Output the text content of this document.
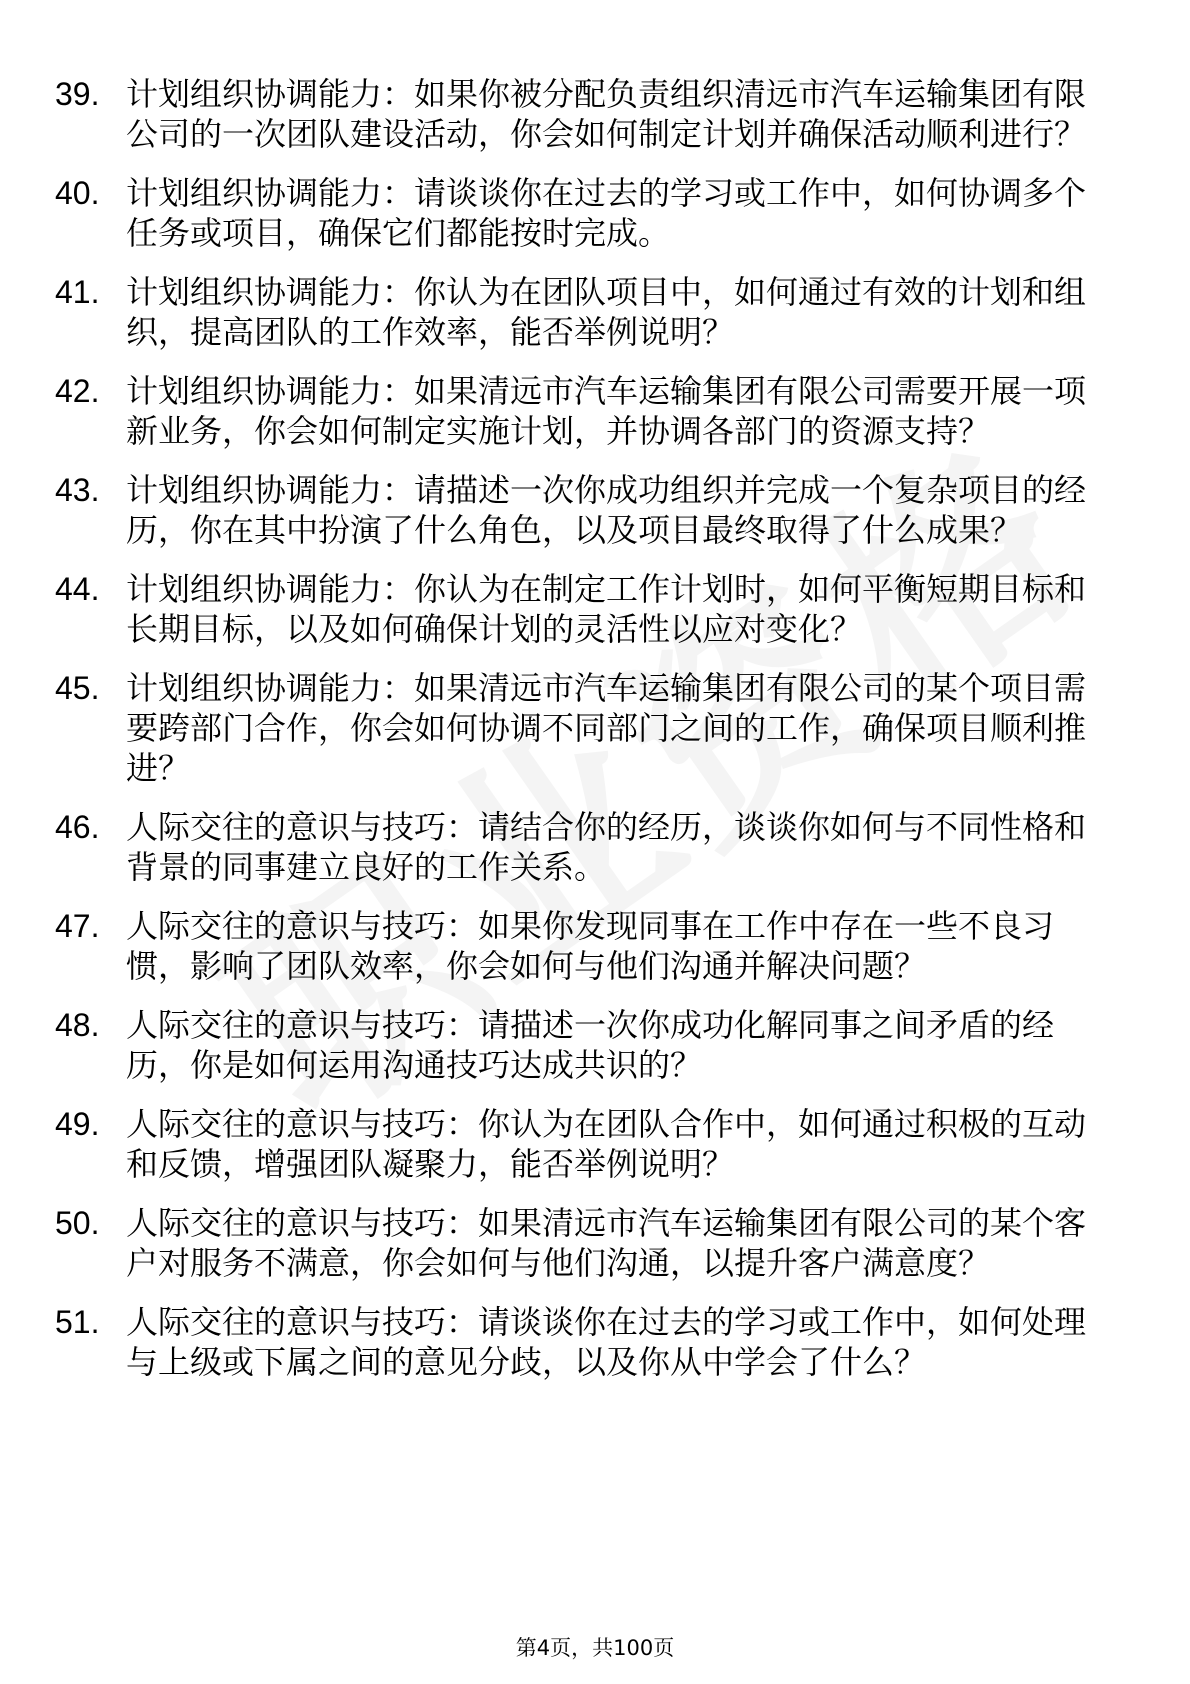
39. 计划组织协调能力：如果你被分配负责组织清远市汽车运输集团有限公司的一次团队建设活动，你会如何制定计划并确保活动顺利进行？
40. 计划组织协调能力：请谈谈你在过去的学习或工作中，如何协调多个任务或项目，确保它们都能按时完成。
41. 计划组织协调能力：你认为在团队项目中，如何通过有效的计划和组织，提高团队的工作效率，能否举例说明？
42. 计划组织协调能力：如果清远市汽车运输集团有限公司需要开展一项新业务，你会如何制定实施计划，并协调各部门的资源支持？
43. 计划组织协调能力：请描述一次你成功组织并完成一个复杂项目的经历，你在其中扮演了什么角色，以及项目最终取得了什么成果？
44. 计划组织协调能力：你认为在制定工作计划时，如何平衡短期目标和长期目标，以及如何确保计划的灵活性以应对变化？
45. 计划组织协调能力：如果清远市汽车运输集团有限公司的某个项目需要跨部门合作，你会如何协调不同部门之间的工作，确保项目顺利推进？
46. 人际交往的意识与技巧：请结合你的经历，谈谈你如何与不同性格和背景的同事建立良好的工作关系。
47. 人际交往的意识与技巧：如果你发现同事在工作中存在一些不良习惯，影响了团队效率，你会如何与他们沟通并解决问题？
48. 人际交往的意识与技巧：请描述一次你成功化解同事之间矛盾的经历，你是如何运用沟通技巧达成共识的？
49. 人际交往的意识与技巧：你认为在团队合作中，如何通过积极的互动和反馈，增强团队凝聚力，能否举例说明？
50. 人际交往的意识与技巧：如果清远市汽车运输集团有限公司的某个客户对服务不满意，你会如何与他们沟通，以提升客户满意度？
51. 人际交往的意识与技巧：请谈谈你在过去的学习或工作中，如何处理与上级或下属之间的意见分歧，以及你从中学会了什么？
第4页，共100页
